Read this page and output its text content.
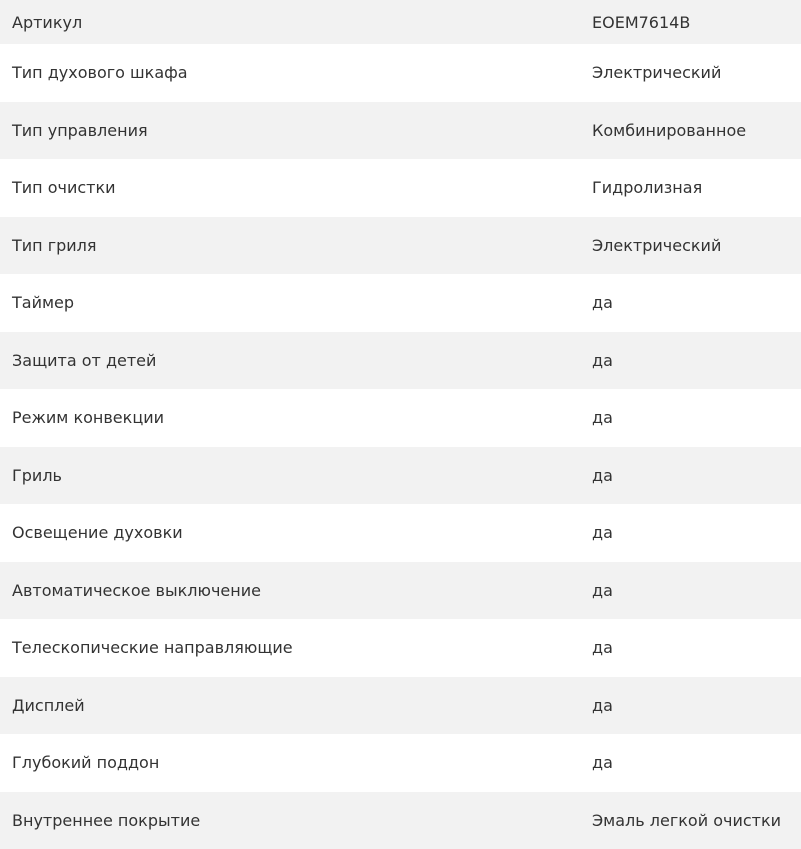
Артикул	EOEM7614B
Тип духового шкафа	Электрический
Тип управления	Комбинированное
Тип очистки	Гидролизная
Тип гриля	Электрический
Таймер	да
Защита от детей	да
Режим конвекции	да
Гриль	да
Освещение духовки	да
Автоматическое выключение	да
Телескопические направляющие	да
Дисплей	да
Глубокий поддон	да
Внутреннее покрытие	Эмаль легкой очистки
